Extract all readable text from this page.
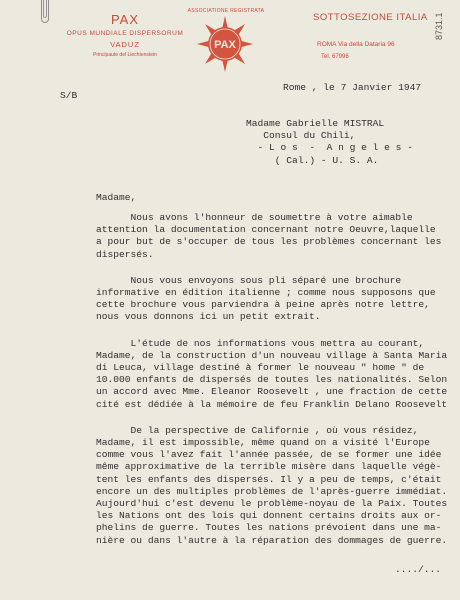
PAX
OPUS MUNDIALE DISPERSORUM
VADUZ
Principaute del Liechtenstein
ASSOCIATIONE REGISTRATA
PAX
SOTTOSEZIONE ITALIA
ROMA Via della Dataria 96
Tel. 67996
8731.1
S/B
Rome , le 7 Janvier 1947
Madame Gabrielle MISTRAL
Consul du Chili,
- L o s  -  A n g e l e s -
( Cal.) - U. S. A.
Madame,
Nous avons l'honneur de soumettre à votre aimable
attention la documentation concernant notre Oeuvre,laquelle
a pour but de s'occuper de tous les problèmes concernant les
dispersés.
Nous vous envoyons sous pli séparé une brochure
informative en édition italienne ; comme nous supposons que
cette brochure vous parviendra à peine après notre lettre,
nous vous donnons ici un petit extrait.
L'étude de nos informations vous mettra au courant,
Madame, de la construction d'un nouveau village à Santa Maria
di Leuca, village destiné à former le nouveau " home " de
10.000 enfants de dispersés de toutes les nationalités. Selon
un accord avec Mme. Eleanor Roosevelt , une fraction de cette
cité est dédiée à la mémoire de feu Franklin Delano Roosevelt
De la perspective de Californie , où vous résidez,
Madame, il est impossible, même quand on a visité l'Europe
comme vous l'avez fait l'année passée, de se former une idée
même approximative de la terrible misère dans laquelle végè-
tent les enfants des dispersés. Il y a peu de temps, c'était
encore un des multiples problèmes de l'après-guerre immédiat.
Aujourd'hui c'est devenu le problème-noyau de la Paix. Toutes
les Nations ont des lois qui donnent certains droits aux or-
phelins de guerre. Toutes les nations prévoient dans une ma-
nière ou dans l'autre à la réparation des dommages de guerre.
..../...
